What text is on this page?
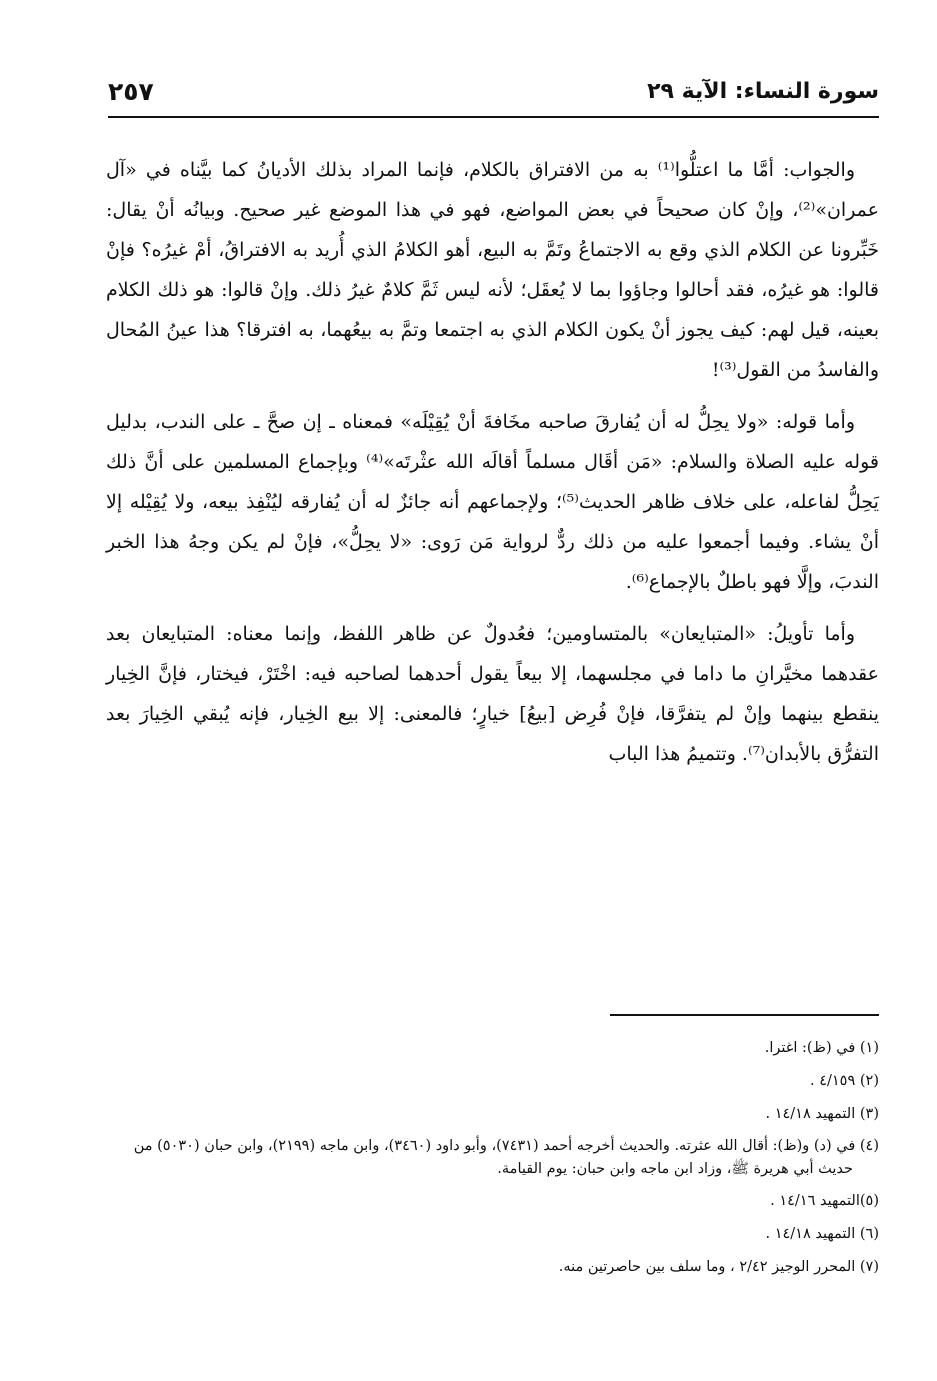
سورة النساء: الآية ٢٩
٢٥٧

والجواب: أمَّا ما اعتلُّوا⁽¹⁾ به من الافتراق بالكلام، فإنما المراد بذلك الأديانُ كما بيَّناه في «آل عمران»⁽²⁾، وإنْ كان صحيحاً في بعض المواضع، فهو في هذا الموضع غير صحيح. وبيانُه أنْ يقال: خَبِّرونا عن الكلام الذي وقع به الاجتماعُ وتَمَّ به البيع، أهو الكلامُ الذي أُريد به الافتراقُ، أمْ غيرُه؟ فإنْ قالوا: هو غيرُه، فقد أحالوا وجاؤوا بما لا يُعقَل؛ لأنه ليس ثَمَّ كلامٌ غيرُ ذلك. وإنْ قالوا: هو ذلك الكلام بعينه، قيل لهم: كيف يجوز أنْ يكون الكلام الذي به اجتمعا وتمَّ به بيعُهما، به افترقا؟ هذا عينُ المُحال والفاسدُ من القول⁽³⁾!

وأما قوله: «ولا يحِلُّ له أن يُفارقَ صاحبه مخَافةَ أنْ يُقِيْلَه» فمعناه ـ إن صحَّ ـ على الندب، بدليل قوله عليه الصلاة والسلام: «مَن أقَال مسلماً أقالَه الله عثْرتَه»⁽⁴⁾ وبإجماع المسلمين على أنَّ ذلك يَحِلُّ لفاعله، على خلاف ظاهر الحديث⁽⁵⁾؛ ولإجماعهم أنه جائزٌ له أن يُفارقه ليُنْفِذ بيعه، ولا يُقِيْله إلا أنْ يشاء. وفيما أجمعوا عليه من ذلك ردٌّ لرواية مَن رَوى: «لا يحِلُّ»، فإنْ لم يكن وجهُ هذا الخبر الندبَ، وإلَّا فهو باطلٌ بالإجماع⁽⁶⁾.

وأما تأويلُ: «المتبايعان» بالمتساومين؛ فعُدولٌ عن ظاهر اللفظ، وإنما معناه: المتبايعان بعد عقدهما مخيَّرانِ ما داما في مجلسهما، إلا بيعاً يقول أحدهما لصاحبه فيه: اخْتَرْ، فيختار، فإنَّ الخِيار ينقطع بينهما وإنْ لم يتفرَّقا، فإنْ فُرِض [بيعُ] خيارٍ؛ فالمعنى: إلا بيع الخِيار، فإنه يُبقي الخِيارَ بعد التفرُّق بالأبدان⁽⁷⁾. وتتميمُ هذا الباب

(١) في (ظ): اغترا.

(٢) ٤/١٥٩ .

(٣) التمهيد ١٤/١٨ .

(٤) في (د) و(ظ): أقال الله عثرته. والحديث أخرجه أحمد (٧٤٣١)، وأبو داود (٣٤٦٠)، وابن ماجه (٢١٩٩)، وابن حبان (٥٠٣٠) من حديث أبي هريرة ﷺ، وزاد ابن ماجه وابن حبان: يوم القيامة.

(٥)التمهيد ١٤/١٦ .

(٦) التمهيد ١٤/١٨ .

(٧) المحرر الوجيز ٢/٤٢ ، وما سلف بين حاصرتين منه.
